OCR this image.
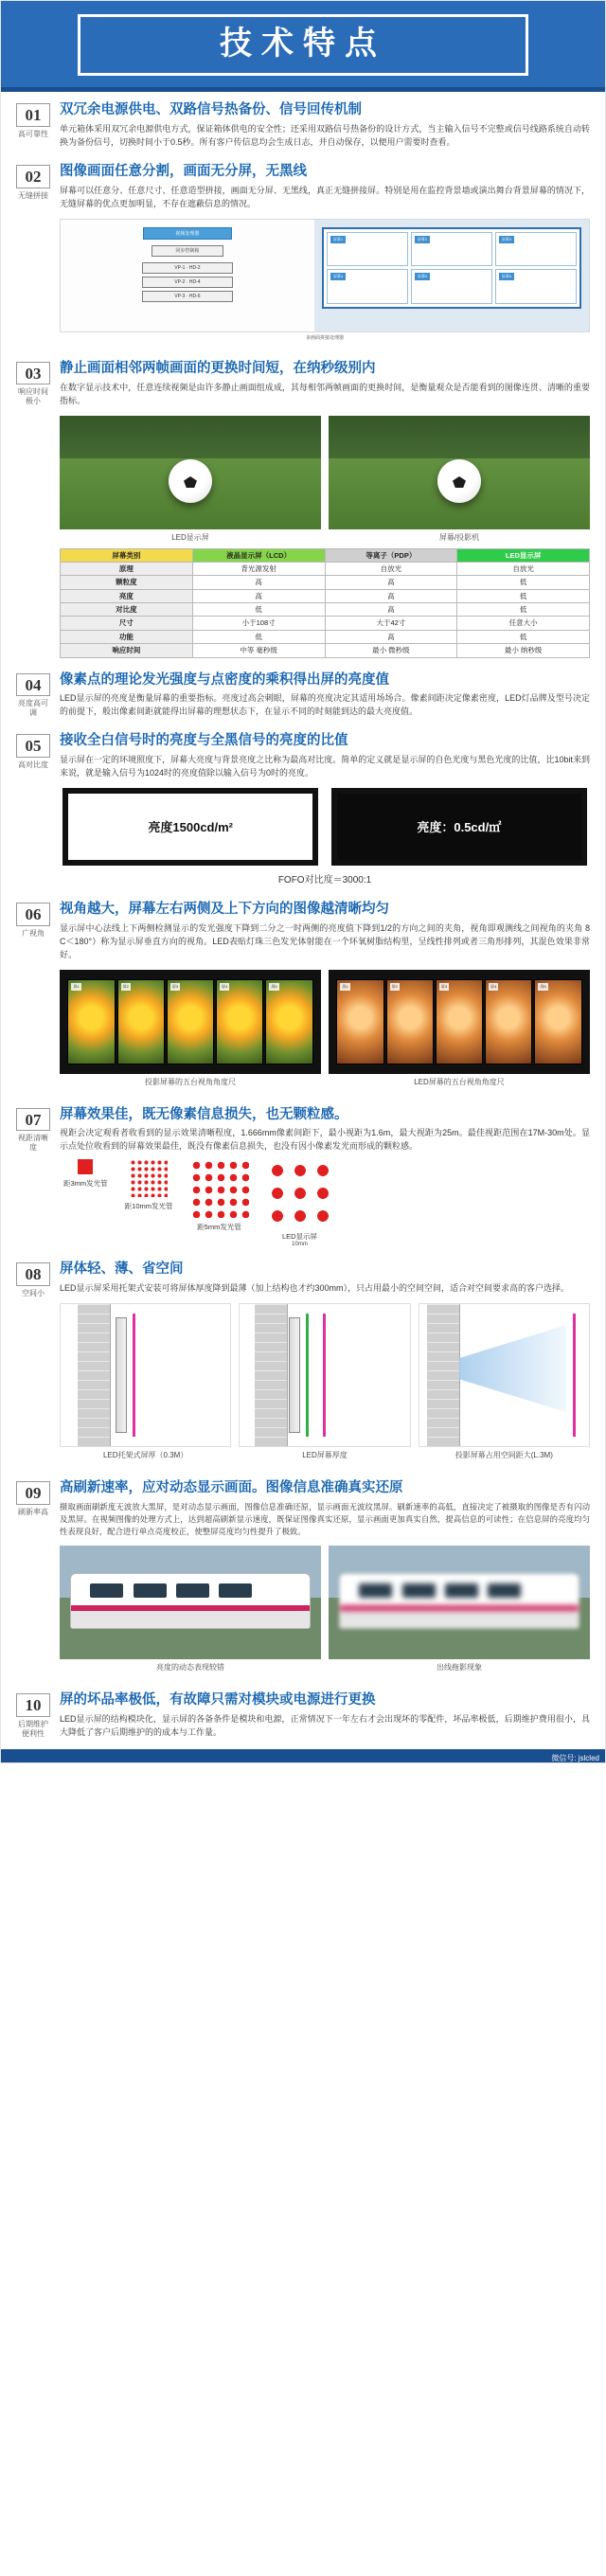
技术特点
01
高可靠性
双冗余电源供电、双路信号热备份、信号回传机制

单元箱体采用双冗余电源供电方式，保证箱体供电的安全性；还采用双路信号热备份的设计方式，当主输入信号不完整或信号线路系统自动转换为备份信号，切换时间小于0.5秒。所有客户传信息均会生成日志，并自动保存，以便用户需要时查看。

02
无缝拼接
图像画面任意分割，画面无分屏，无黑线

屏幕可以任意分、任意尺寸、任意造型拼接，画面无分屏、无黑线，真正无缝拼接屏。特别是用在监控背景墙或演出舞台背景屏幕的情况下，无缝屏幕的优点更加明显，不存在遮蔽信息的情况。

视频处理器
同步控制箱
VP-1 · HD-2
VP-2 · HD-4
VP-3 · HD-6
屏幕1	屏幕2	屏幕3
屏幕4	屏幕5	屏幕6
多画面拼接处理器
03
响应时间极小
静止画面相邻两帧画面的更换时间短，在纳秒级别内

在数字显示技术中，任意连续视频是由许多静止画面组成成，其每相邻两帧画面的更换时间，是衡量观众是否能看到的图像连贯、清晰的重要指标。

LED显示屏	屏幕/投影机
屏幕类别	液晶显示屏（LCD）	等离子（PDP）	LED显示屏
原理	背光源发射	自放光	自放光
颗粒度	高	高	低
亮度	高	高	低
对比度	低	高	低
尺寸	小于108寸	大于42寸	任意大小
功能	低	高	低
响应时间	中等 毫秒级	最小 微秒级	最小 纳秒级
04
亮度高可调
像素点的理论发光强度与点密度的乘积得出屏的亮度值

LED显示屏的亮度是衡量屏幕的重要指标。亮度过高会刺眼，屏幕的亮度决定其适用场场合。像素间距决定像素密度，LED灯品牌及型号决定的前提下，般出像素间距就能得出屏幕的理想状态下，在显示不同的时刻能到达的最大亮度值。

05
高对比度
接收全白信号时的亮度与全黑信号的亮度的比值

显示屏在一定的环境照度下，屏幕大亮度与背景亮度之比称为最高对比度。简单的定义就是显示屏的自色光度与黑色光度的比值，比10bit来到来说，就是输入信号为1024时的亮度值除以输入信号为0时的亮度。

亮度1500cd/m²	亮度：0.5cd/㎡
FOFO对比度＝3000:1
06
广视角
视角越大，屏幕左右两侧及上下方向的图像越清晰均匀

显示屏中心法线上下两侧检测显示的发光强度下降到二分之一时两侧的亮度值下降到1/2的方向之间的夹角，视角即观测线之间视角的夹角 8 C＜180°）称为显示屏垂直方向的视角。LED表贴灯珠三色发光体射能在一个环氧树脂结构里，呈线性排列或者三角形排列，其混色效果非常好。

屏1	屏2	屏3	屏4	屏5
投影屏幕的五台视角角度尺
屏1	屏2	屏3	屏4	屏5
LED屏幕的五台视角角度尺
07
视距清晰度
屏幕效果佳，既无像素信息损失，也无颗粒感。

视距会决定观看者收看到的显示效果清晰程度，1.666mm像素间距下，最小视距为1.6m，最大视距为25m。最佳视距范围在17M-30m处。显示点处位收看到的屏幕效果最佳，既没有像素信息损失，也没有因小像素发光而形成的颗粒感。

距3mm发光管
距10mm发光管
距5mm发光管
LED显示屏
10mm
08
空间小
屏体轻、薄、省空间

LED显示屏采用托架式安装可将屏体厚度降到最薄（加上结构也才约300mm），只占用最小的空间空间，适合对空间要求高的客户选择。

LED托架式屏厚（0.3M）	LED屏幕厚度	投影屏幕占用空间距大(L.3M)
09
刷新率高
高刷新速率，应对动态显示画面。图像信息准确真实还原

摄取画面刷新度无波放大黑屏，是对动态显示画面，图像信息准确还原，显示画面无波纹黑屏。刷新速率的高低，直接决定了被摄取的图像是否有闪动及黑屏。在视频图像的处理方式上，达到超高刷新显示速度，既保证图像真实还原，显示画面更加真实自然，提高信息的可读性；在信息屏的亮度均匀性表现良好，配合进行单点亮度校正，使整屏亮度均匀性提升了极致。

亮度的动态表现较错	出线拖影现象
10
后期维护便利性
屏的坏品率极低，有故障只需对模块或电源进行更换

LED显示屏的结构模块化，显示屏的各备条件是模块和电源，正常情况下一年左右才会出现坏的零配件，坏品率极低，后期维护费用很小，具大降低了客户后期维护的的成本与工作量。

微信号: jslcled
